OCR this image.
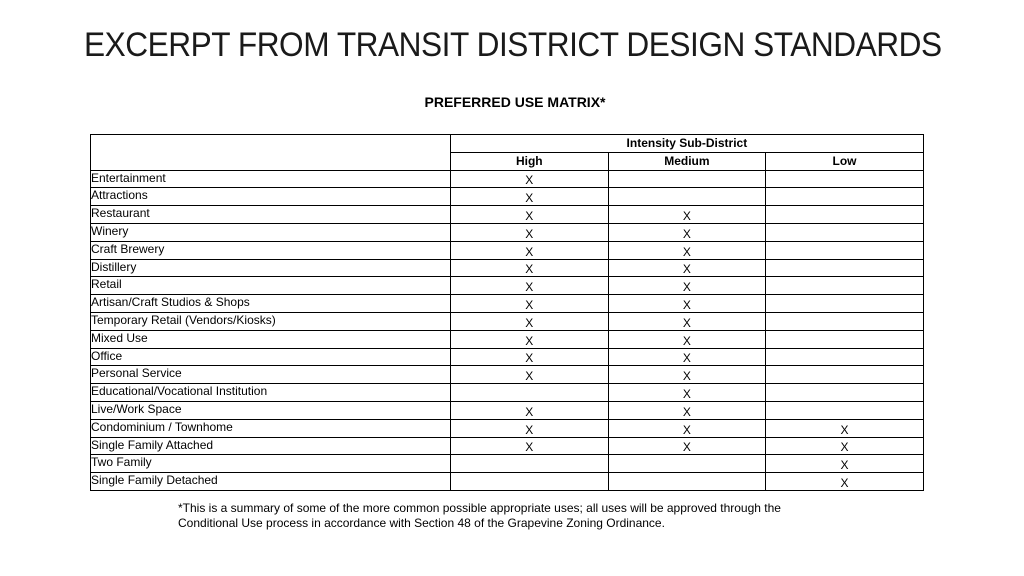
EXCERPT FROM TRANSIT DISTRICT DESIGN STANDARDS
PREFERRED USE MATRIX*
	Intensity Sub-District		
	High	Medium	Low
Entertainment	X		
Attractions	X		
Restaurant	X	X	
Winery	X	X	
Craft Brewery	X	X	
Distillery	X	X	
Retail	X	X	
Artisan/Craft Studios & Shops	X	X	
Temporary Retail (Vendors/Kiosks)	X	X	
Mixed Use	X	X	
Office	X	X	
Personal Service	X	X	
Educational/Vocational Institution		X	
Live/Work Space	X	X	
Condominium / Townhome	X	X	X
Single Family Attached	X	X	X
Two Family			X
Single Family Detached			X
*This is a summary of some of the more common possible appropriate uses; all uses will be approved through the
Conditional Use process in accordance with Section 48 of the Grapevine Zoning Ordinance.
